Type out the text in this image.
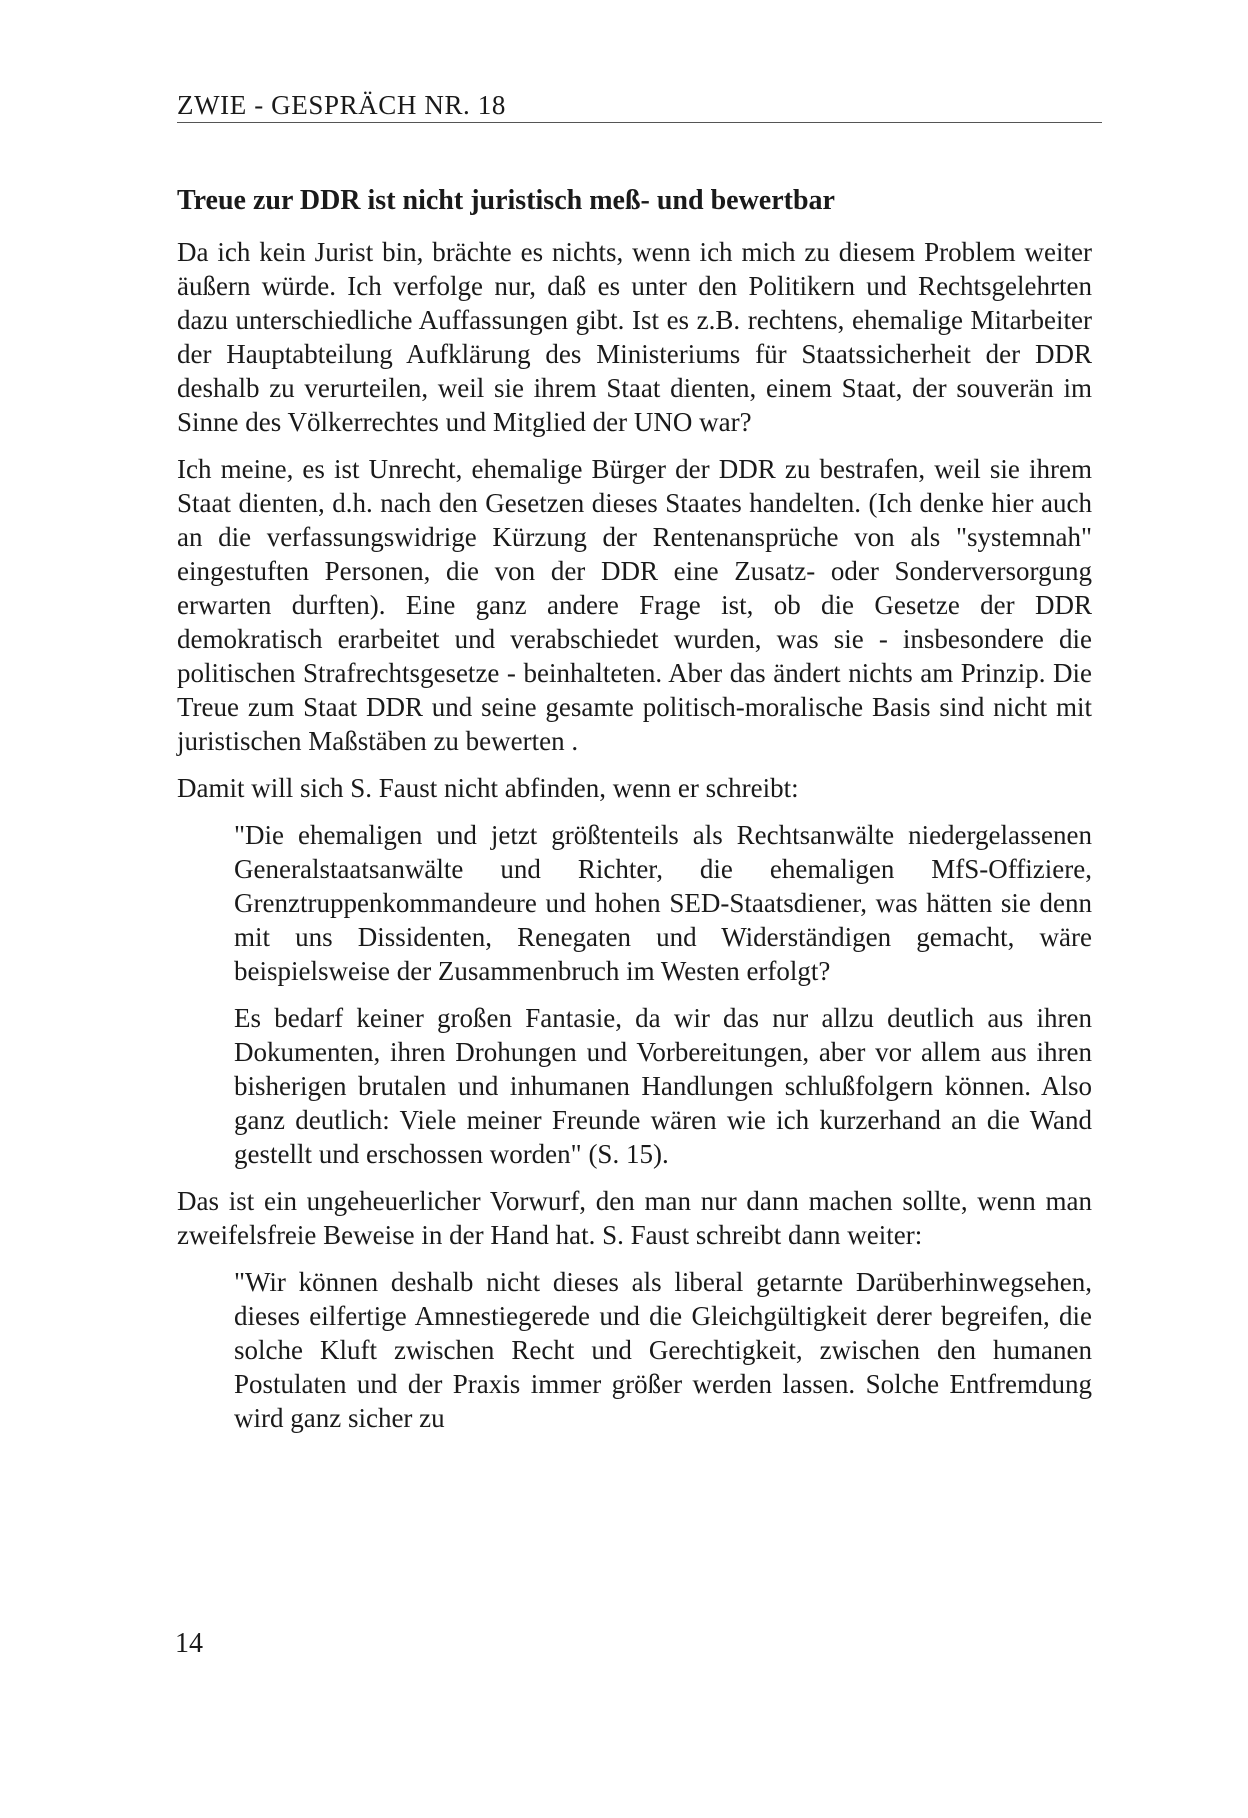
ZWIE - GESPRÄCH NR. 18
Treue zur DDR ist nicht juristisch meß- und bewertbar

Da ich kein Jurist bin, brächte es nichts, wenn ich mich zu diesem Problem weiter äußern würde. Ich verfolge nur, daß es unter den Politikern und Rechtsgelehrten dazu unterschiedliche Auffassungen gibt. Ist es z.B. rechtens, ehemalige Mitarbeiter der Hauptabteilung Aufklärung des Ministeriums für Staatssicherheit der DDR deshalb zu verurteilen, weil sie ihrem Staat dienten, einem Staat, der souverän im Sinne des Völkerrechtes und Mitglied der UNO war?

Ich meine, es ist Unrecht, ehemalige Bürger der DDR zu bestrafen, weil sie ihrem Staat dienten, d.h. nach den Gesetzen dieses Staates handelten. (Ich denke hier auch an die verfassungswidrige Kürzung der Rentenansprüche von als "systemnah" eingestuften Personen, die von der DDR eine Zusatz- oder Sonderversorgung erwarten durften). Eine ganz andere Frage ist, ob die Gesetze der DDR demokratisch erarbeitet und verabschiedet wurden, was sie - insbesondere die politischen Strafrechtsgesetze - beinhalteten. Aber das ändert nichts am Prinzip. Die Treue zum Staat DDR und seine gesamte politisch-moralische Basis sind nicht mit juristischen Maßstäben zu bewerten .

Damit will sich S. Faust nicht abfinden, wenn er schreibt:

"Die ehemaligen und jetzt größtenteils als Rechtsanwälte niedergelassenen Generalstaatsanwälte und Richter, die ehemaligen MfS-Offiziere, Grenztruppenkommandeure und hohen SED-Staatsdiener, was hätten sie denn mit uns Dissidenten, Renegaten und Widerständigen gemacht, wäre beispielsweise der Zusammenbruch im Westen erfolgt?

Es bedarf keiner großen Fantasie, da wir das nur allzu deutlich aus ihren Dokumenten, ihren Drohungen und Vorbereitungen, aber vor allem aus ihren bisherigen brutalen und inhumanen Handlungen schlußfolgern können. Also ganz deutlich: Viele meiner Freunde wären wie ich kurzerhand an die Wand gestellt und erschossen worden" (S. 15).

Das ist ein ungeheuerlicher Vorwurf, den man nur dann machen sollte, wenn man zweifelsfreie Beweise in der Hand hat. S. Faust schreibt dann weiter:

"Wir können deshalb nicht dieses als liberal getarnte Darüberhinwegsehen, dieses eilfertige Amnestiegerede und die Gleichgültigkeit derer begreifen, die solche Kluft zwischen Recht und Gerechtigkeit, zwischen den humanen Postulaten und der Praxis immer größer werden lassen. Solche Entfremdung wird ganz sicher zu

14
